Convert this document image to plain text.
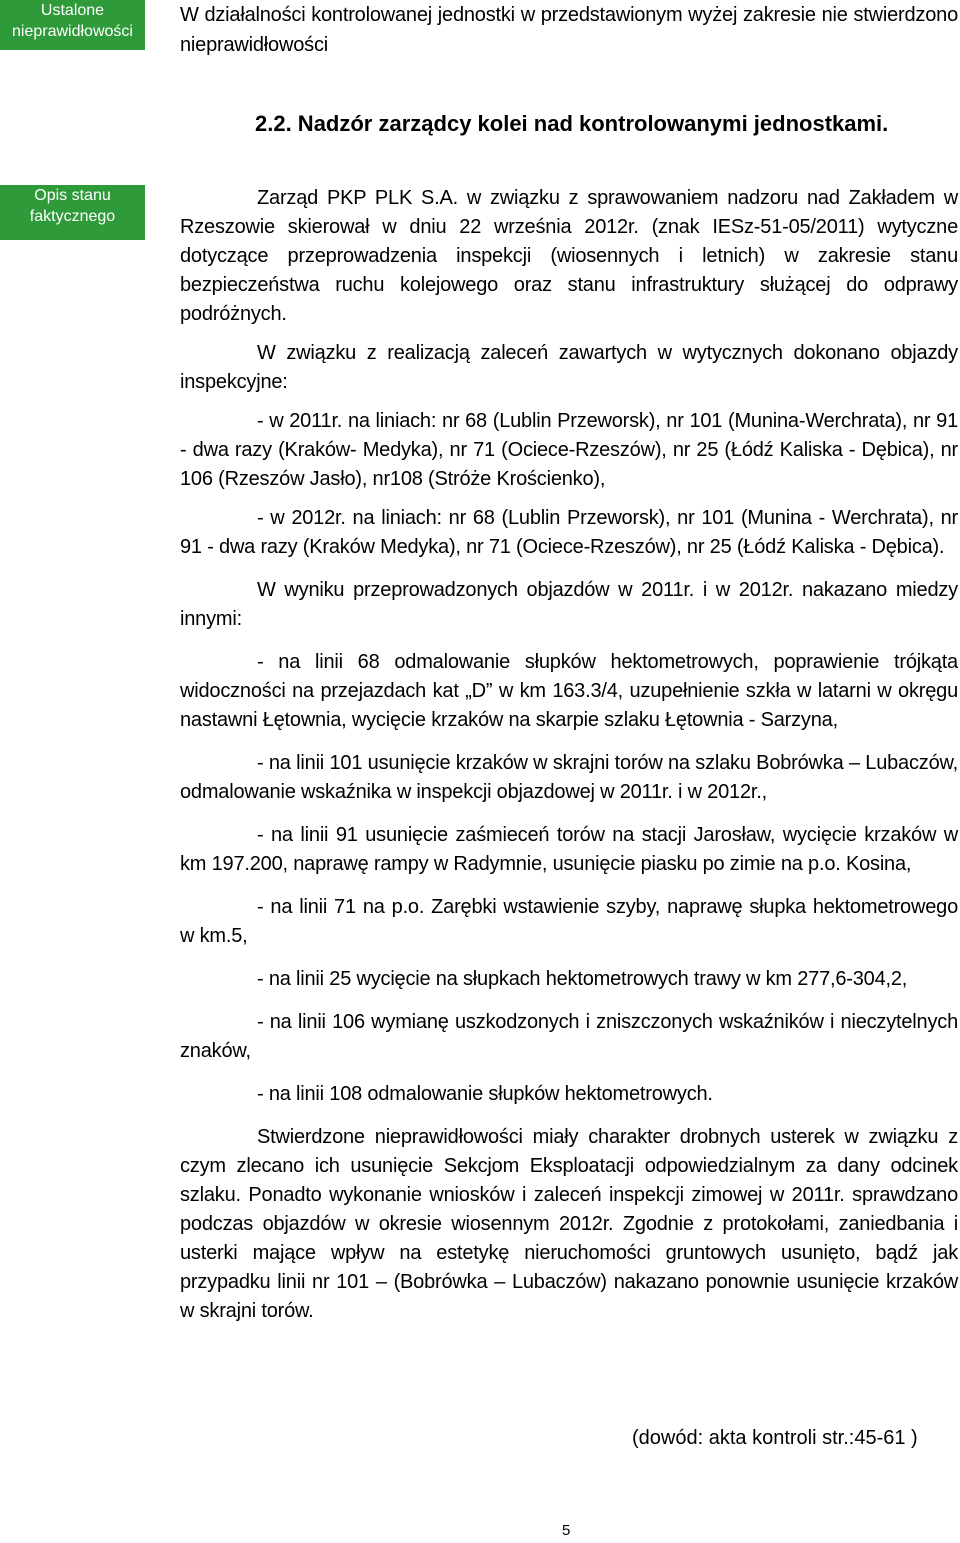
Ustalone
nieprawidłowości
W działalności kontrolowanej jednostki w przedstawionym wyżej zakresie nie stwierdzono nieprawidłowości
2.2. Nadzór zarządcy kolei nad kontrolowanymi jednostkami.
Opis stanu
faktycznego

Zarząd PKP PLK S.A. w związku z sprawowaniem nadzoru nad Zakładem w Rzeszowie skierował w dniu 22 września 2012r. (znak IESz-51-05/2011) wytyczne dotyczące przeprowadzenia inspekcji (wiosennych i letnich) w zakresie stanu bezpieczeństwa ruchu kolejowego oraz stanu infrastruktury służącej do odprawy podróżnych.

W związku z realizacją zaleceń zawartych w wytycznych dokonano objazdy inspekcyjne:

- w 2011r. na liniach: nr 68 (Lublin Przeworsk), nr 101 (Munina-Werchrata), nr 91 - dwa razy (Kraków- Medyka), nr 71 (Ociece-Rzeszów), nr 25 (Łódź Kaliska - Dębica), nr 106 (Rzeszów Jasło), nr108 (Stróże Krościenko),

- w 2012r. na liniach: nr 68 (Lublin Przeworsk), nr 101 (Munina - Werchrata), nr 91 - dwa razy (Kraków Medyka), nr 71 (Ociece-Rzeszów), nr 25 (Łódź Kaliska - Dębica).

W wyniku przeprowadzonych objazdów w 2011r. i w 2012r. nakazano miedzy innymi:

- na linii 68 odmalowanie słupków hektometrowych, poprawienie trójkąta widoczności na przejazdach kat „D” w km 163.3/4, uzupełnienie szkła w latarni w okręgu nastawni Łętownia, wycięcie krzaków na skarpie szlaku Łętownia - Sarzyna,

- na linii 101 usunięcie krzaków w skrajni torów na szlaku Bobrówka – Lubaczów, odmalowanie wskaźnika w inspekcji objazdowej w 2011r. i w 2012r.,

- na linii 91 usunięcie zaśmieceń torów na stacji Jarosław, wycięcie krzaków w km 197.200, naprawę rampy w Radymnie, usunięcie piasku po zimie na p.o. Kosina,

- na linii 71 na p.o. Zarębki wstawienie szyby, naprawę słupka hektometrowego w km.5,

- na linii 25 wycięcie na słupkach hektometrowych trawy w km 277,6-304,2,

- na linii 106 wymianę uszkodzonych i zniszczonych wskaźników i nieczytelnych znaków,

- na linii 108 odmalowanie słupków hektometrowych.

Stwierdzone nieprawidłowości miały charakter drobnych usterek w związku z czym zlecano ich usunięcie Sekcjom Eksploatacji odpowiedzialnym za dany odcinek szlaku. Ponadto wykonanie wniosków i zaleceń inspekcji zimowej w 2011r. sprawdzano podczas objazdów w okresie wiosennym 2012r. Zgodnie z protokołami, zaniedbania i usterki mające wpływ na estetykę nieruchomości gruntowych usunięto, bądź jak przypadku linii nr 101 – (Bobrówka – Lubaczów) nakazano ponownie usunięcie krzaków w skrajni torów.

(dowód: akta kontroli str.:45-61 )
5
